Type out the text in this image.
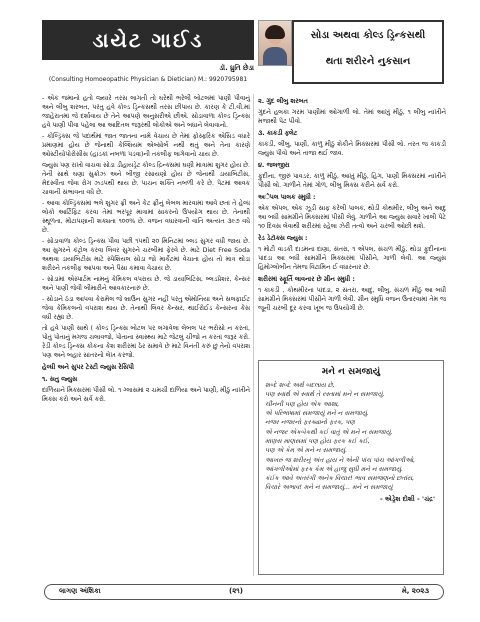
ડાયેટ ગાઈડ
ડૉ. ધ્રુતિ છેડા
(Consulting Homoeopathic Physician & Dietician) M.: 9920795981
સોડા અથવા કોલ્ડ ડ્રિન્કસથી
થતા શરીરને નુકસાન

- એક જમાનો હતો જ્યારે તરસ લાગતી તો ઘરેથી ભરેલી બોટલમાં પાણી પીવાનું અને લીંબુ શરબત, પરંતુ હવે કોલ્ડ ડ્રિન્કસથી તરસ છીપાય છે. કારણ કે ટી.વી.માં જાહેરાતમાં જે દર્શાવાય છે તેને આપણે અનુસરીએ છીએ. સોડાવાળા કોલ્ડ ડ્રિન્ક્સ હવે પાણી પીવા પહેલા આ આદિતલ જરૂરથી લોકોએ અને બધાને લેવાવાનો.

- કોલ્ડ્રિંક્સ જે પદાર્થમાં જાત જાતના નામે વેચાય છે તેમાં ફોસ્ફરિક એસિડ વધારે પ્રમાણમાં હોય છે જેનાથી કેલ્શિયમ એબ્સોર્બ નથી થતું અને તેના કારણે ઓસ્ટીયોપોરોસીસ (હાડકાં નબળાં પડવા)ની તકલીફ લાગેવાનો ચાય છે.

જ્યુસ પણ રાખો વાચવા સોડા ડીહાયડ્રેટ કોલ્ડ દ્રિન્ક્સમાં ઘણી માત્રામાં શુગર હોય છે. તેની સાથે ઘણા સુક્રોઝ અને બીજી રસાયણો હોય છે જેનાથી ડાયાબિટીસ, મેદસ્વીતા જેવા રોગ ઝડપથી થાય છે. પાચન શક્તિ નબળી કરે છે. પેટમાં આવક ચાવાની સંભાવના વધે છે.

- આવા કોલ્ડ્રિંક્સમાં ભલે શુગર ફ્રી અને કેટ ફ્રીનું લેબલ મારવામાં આવે છતાં તે હેલ્ધ લોકો આર્ટિફિટ કરવા તેમાં ભરપૂર માત્રામાં સાકરનો ઉપયોગ થાય છે. તેનાથી સ્થૂળતા, મોટાપણાની શક્યતા ૧૦૦% છે. વજન વધારવાની વાતિ અત્યંત ૩૯૭ વધે છે.

- સોડાવાળા કોલ્ડ ડ્રિન્ક્સ પીવા પછી ૧૫થી ૨૦ મિનિટમાં બ્લડ સુગર વધી જાય છે. આ સુગરને કંટ્રોલ કરવા લિવર સુગરને ચરબીમાં ફેરવે છે. માટે Diet Free Soda અથવા ડાયાબિટીસ માટે સ્પેશિયલ સોડા જો માર્કેટમાં વેચાતા હોય તો માત્ર થોડા શરીરને તકલીફ આપવા અને પૈસા કમાવા વેચાય છે.

- સોડામાં એસ્પાર્ટમ નામનું કેમિકલ વપરાય છે. જે ડાયાબિટિસ, બ્લડપ્રેશર, કેન્સર અને પાણી જેવી બીમારીને આવકારનારું છે.

- સોડાને ઠંડા આપવા કેરામેલ જે બ્રાઉન સુગર નહીં પરંતુ એમોનિયા અને સલફાઈટ જેવા કેમિકલનો વપરાશ થાય છે. તેનાથી લિવર કેન્સર, થાઈરોઈડ કેન્સરના કેસ વધી રહ્યા છે.

તો હવે પાણી સાથે ( કોલ્ડ ડ્રિન્ક્સ બોટલ પર લગાવેલા લેબલ પર ભરોસો ન કરતાં, પોતું પોતાનું મગજ ચલાવજો, પોતાના સ્વાસ્થ્ય માટે જેટલું ચીજો ન કરતાં જરૂર કરો. રેડી કોલ્ડ ડ્રિન્ક્સ કોકના કેશ શરીરમાં ઠેર સમાવે છે માટે વિનંતી કરું છું તેનો વપરાશ પણ અને બહાર સાંતરનો લેખ કરજો.

હેલ્ધી અને સુપર ટેસ્ટી જ્યુસ રેસિપી

૧. સતુ જ્યુસ

દાળિયાને મિક્સરમાં પીસી લો. ૧ ગ્લાસમાં ૨ ચમચી દાળિયા અને પાણી, મીઠું નાખીને મિક્સ કરો અને સર્વ કરો.

૨. ગુંદ લીંબુ શરબત

ગુંદને હલકા ગરમ પાણીમાં ઓગાળી લો. તેમાં આખું મીઠું, ૧ લીંબુ નાખીને મજાથી પેટ પીવો.

૩. કાકડી ફ્લેટ

કાકડી, લીંબુ, પાણી, કાળું મીઠું શેકીને મિક્સરમાં પીસી લો. તરત જ કાકડી જ્યુસ પીવો અને તાજા થઈ જાવ.

૪. જલજીરા

ફુદીના, જીરું પાવડર, કાળું મીઠું, આખું મીઠું, હિંગ, પાણી મિક્સરમાં નાખીને પીસી લો. ગાળીને તેમાં ગોળ, લીંબુ મિક્સ કરીને સર્વ કરો.

અેપલ પાલક સ્મુધી :

એક એપલ, એક ઝૂડી સાફ કરેલી પાલક, થોડી કોથમીર, લીંબુ અને આદુ આ બધી સામગ્રીને મિક્સરમાં પીસી લેવું. ગાળીને આ જ્યુસ સવારે ખાલી પેટે ૧૦ દિવસ લેવાથી શરીરમાં રહેલા ઝેરી તત્વો અને ચરબી ઓછી થશે.

રેડ ડેટૉક્સ જ્યુસ :

૧ મોટી વાડકી દાડમના દાણા, સંતરા, ૧ એપલ, સંચળ મીઠું, થોડા ફુદીનાના પાંદડા આ બધી સામગ્રીને મિક્સરમાં પીસીને, ગાળી લેવી. આ જ્યુસ હિમોગ્લોબીન તેમજ વિટામિન ઈ વધારનાર છે.

શરીરમાં સ્ફૂર્તિ લાવનાર છે ગ્રીન સ્મુધી :

૧ કાકડી , કોથમીરના પાંદડા, ૨ સંતરા, આદુ, લીંબુ, સંચળ મીઠું આ બધી સામગ્રીને મિક્સરમાં પીસીને ગાળી લેવી. ગ્રીન સ્મુધિ વજન ઉતારવામાં તેમ જ જૂની ચરબી દૂર કરવા ખૂબ જ ઉપયોગી છે.

મને ન સમજાયું
શબ્દે શબ્દે અર્થ બદલાય છે,
પણ સ્વાર્થ એ સ્વાર્થ તે રસ્તામાં મને ન સમજાયું.
ચીંનની પણ હોય એક આશા,
એ પરિભાષામાં સમજાયું મને ન સમજાયું.
નજર નજરનો ફરક્યાનો ફરક, પણ
એ નજર એકબેકથી કઈ વાતું એ મને ન સમજાયું.
માણસ માણસમાં પણ હોય ફરક કઈ કઈ,
પણ એ કેમ એ મને ન સમજાયું.
આખરું જ શરીરનું અંત હાય ને એની પાંચ પાંચ આંગળીઓ,
આંગળીઓમાં ફરક કેમ એ હાજુ સુધી મને ન સમજાયું.
કંઈક આવે અતરંગી અનેક વિચાર! ભાવ સમજણનો છતાંય,
વિચારે અભાવ! મને ન સમજાયું... મને ન સમજાયું
- એડ્રેશ દોશી - 'ચંદ્ર'
લાગણ અંશિકા	(૨૧)	મે, ૨૦૨૩
